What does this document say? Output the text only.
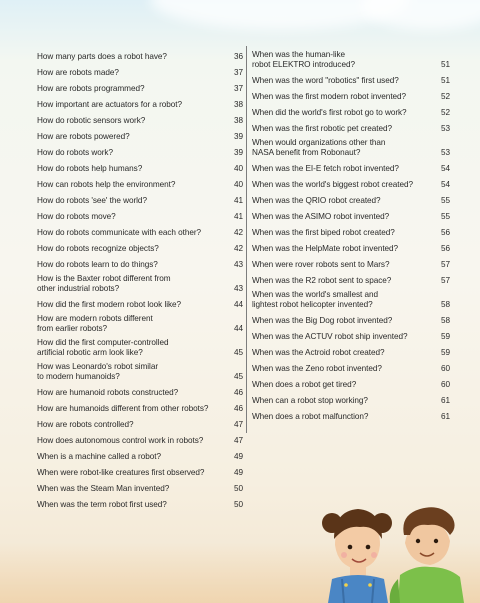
How many parts does a robot have?	36
How are robots made?	37
How are robots programmed?	37
How important are actuators for a robot?	38
How do robotic sensors work?	38
How are robots powered?	39
How do robots work?	39
How do robots help humans?	40
How can robots help the environment?	40
How do robots 'see' the world?	41
How do robots move?	41
How do robots communicate with each other?	42
How do robots recognize objects?	42
How do robots learn to do things?	43
How is the Baxter robot different from
other industrial robots?	43
How did the first modern robot look like?	44
How are modern robots different
from earlier robots?	44
How did the first computer-controlled
artificial robotic arm look like?	45
How was Leonardo's robot similar
to modern humanoids?	45
How are humanoid robots constructed?	46
How are humanoids different from other robots?	46
How are robots controlled?	47
How does autonomous control work in robots?	47
When is a machine called a robot?	49
When were robot-like creatures first observed?	49
When was the Steam Man invented?	50
When was the term robot first used?	50
When was the human-like
robot ELEKTRO introduced?	51
When was the word "robotics" first used?	51
When was the first modern robot invented?	52
When did the world's first robot go to work?	52
When was the first robotic pet created?	53
When would organizations other than
NASA benefit from Robonaut?	53
When was the EI-E fetch robot invented?	54
When was the world's biggest robot created?	54
When was the QRIO robot created?	55
When was the ASIMO robot invented?	55
When was the first biped robot created?	56
When was the HelpMate robot invented?	56
When were rover robots sent to Mars?	57
When was the R2 robot sent to space?	57
When was the world's smallest and
lightest robot helicopter invented?	58
When was the Big Dog robot invented?	58
When was the ACTUV robot ship invented?	59
When was the Actroid robot created?	59
When was the Zeno robot invented?	60
When does a robot get tired?	60
When can a robot stop working?	61
When does a robot malfunction?	61
